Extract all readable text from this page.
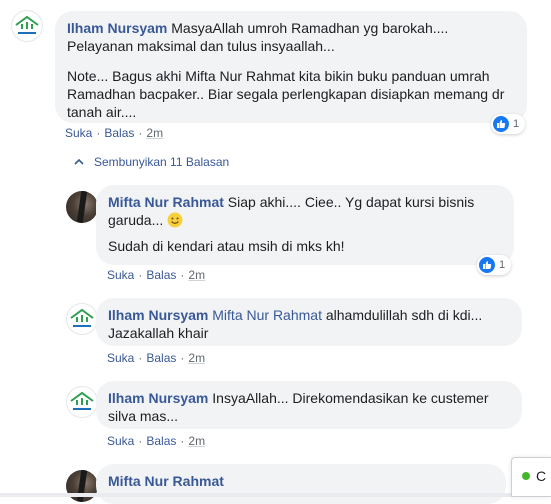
Ilham Nursyam MasyaAllah umroh Ramadhan yg barokah.... Pelayanan maksimal dan tulus insyaallah...
Note... Bagus akhi Mifta Nur Rahmat kita bikin buku panduan umrah Ramadhan bacpaker.. Biar segala perlengkapan disiapkan memang dr tanah air....
1
Suka · Balas · 2m
Sembunyikan 11 Balasan
Mifta Nur Rahmat Siap akhi.... Ciee.. Yg dapat kursi bisnis garuda...
Sudah di kendari atau msih di mks kh!
1
Suka · Balas · 2m
Ilham Nursyam Mifta Nur Rahmat alhamdulillah sdh di kdi... Jazakallah khair
Suka · Balas · 2m
Ilham Nursyam InsyaAllah... Direkomendasikan ke custemer silva mas...
Suka · Balas · 2m
Mifta Nur Rahmat	C
